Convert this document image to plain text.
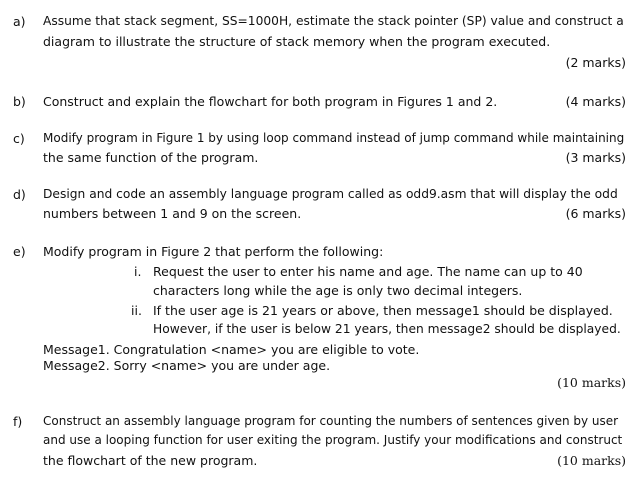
a) Assume that stack segment, SS=1000H, estimate the stack pointer (SP) value and construct a
diagram to illustrate the structure of stack memory when the program executed.
(2 marks)
b) Construct and explain the flowchart for both program in Figures 1 and 2.	(4 marks)
c) Modify program in Figure 1 by using loop command instead of jump command while maintaining
the same function of the program.	(3 marks)
d) Design and code an assembly language program called as odd9.asm that will display the odd
numbers between 1 and 9 on the screen.	(6 marks)
e) Modify program in Figure 2 that perform the following:
i. Request the user to enter his name and age. The name can up to 40
characters long while the age is only two decimal integers.
ii. If the user age is 21 years or above, then message1 should be displayed.
However, if the user is below 21 years, then message2 should be displayed.
Message1. Congratulation <name> you are eligible to vote.
Message2. Sorry <name> you are under age.
(10 marks)
f) Construct an assembly language program for counting the numbers of sentences given by user
and use a looping function for user exiting the program. Justify your modifications and construct
the flowchart of the new program.	(10 marks)
